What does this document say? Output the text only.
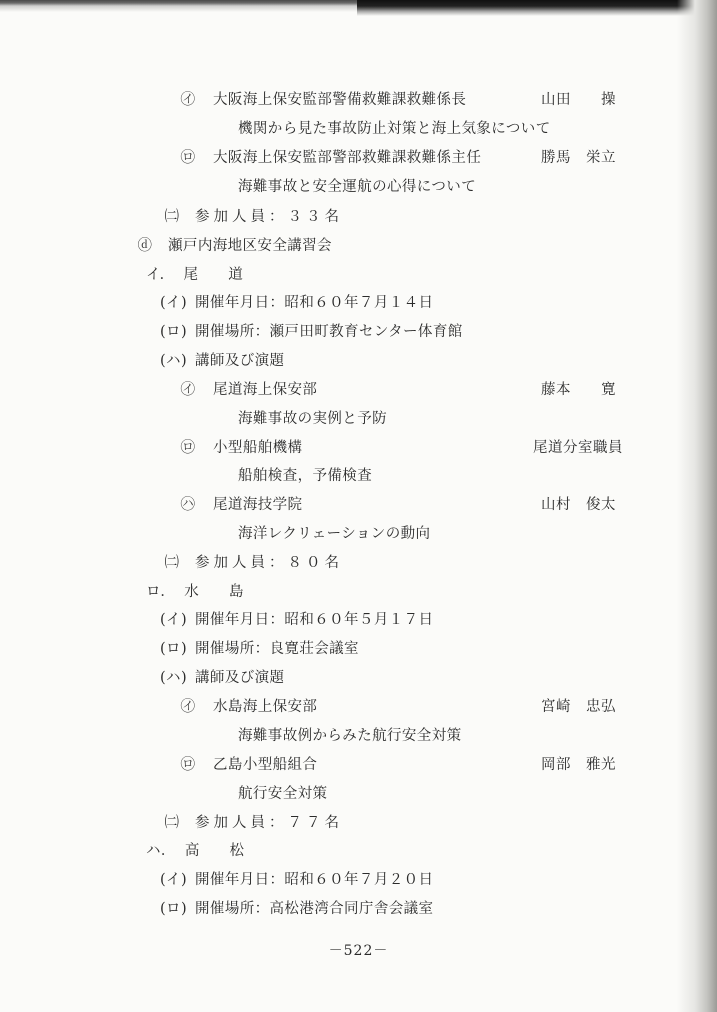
㋑ 大阪海上保安監部警備救難課救難係長	山田　　操
機関から見た事故防止対策と海上気象について
㋺ 大阪海上保安監部警部救難課救難係主任	勝馬　栄立
海難事故と安全運航の心得について
㈡ 参加人員：３３名
ⓓ 瀬戸内海地区安全講習会
イ． 尾　　道
(イ) 開催年月日：昭和６０年７月１４日
(ロ) 開催場所：瀬戸田町教育センター体育館
(ハ) 講師及び演題
㋑ 尾道海上保安部	藤本　　寛
海難事故の実例と予防
㋺ 小型船舶機構	尾道分室職員
船舶検査，予備検査
㋩ 尾道海技学院	山村　俊太
海洋レクリェーションの動向
㈡ 参加人員：８０名
ロ． 水　　島
(イ) 開催年月日：昭和６０年５月１７日
(ロ) 開催場所：良寛荘会議室
(ハ) 講師及び演題
㋑ 水島海上保安部	宮崎　忠弘
海難事故例からみた航行安全対策
㋺ 乙島小型船組合	岡部　雅光
航行安全対策
㈡ 参加人員：７７名
ハ． 高　　松
(イ) 開催年月日：昭和６０年７月２０日
(ロ) 開催場所：高松港湾合同庁舎会議室
－522－
